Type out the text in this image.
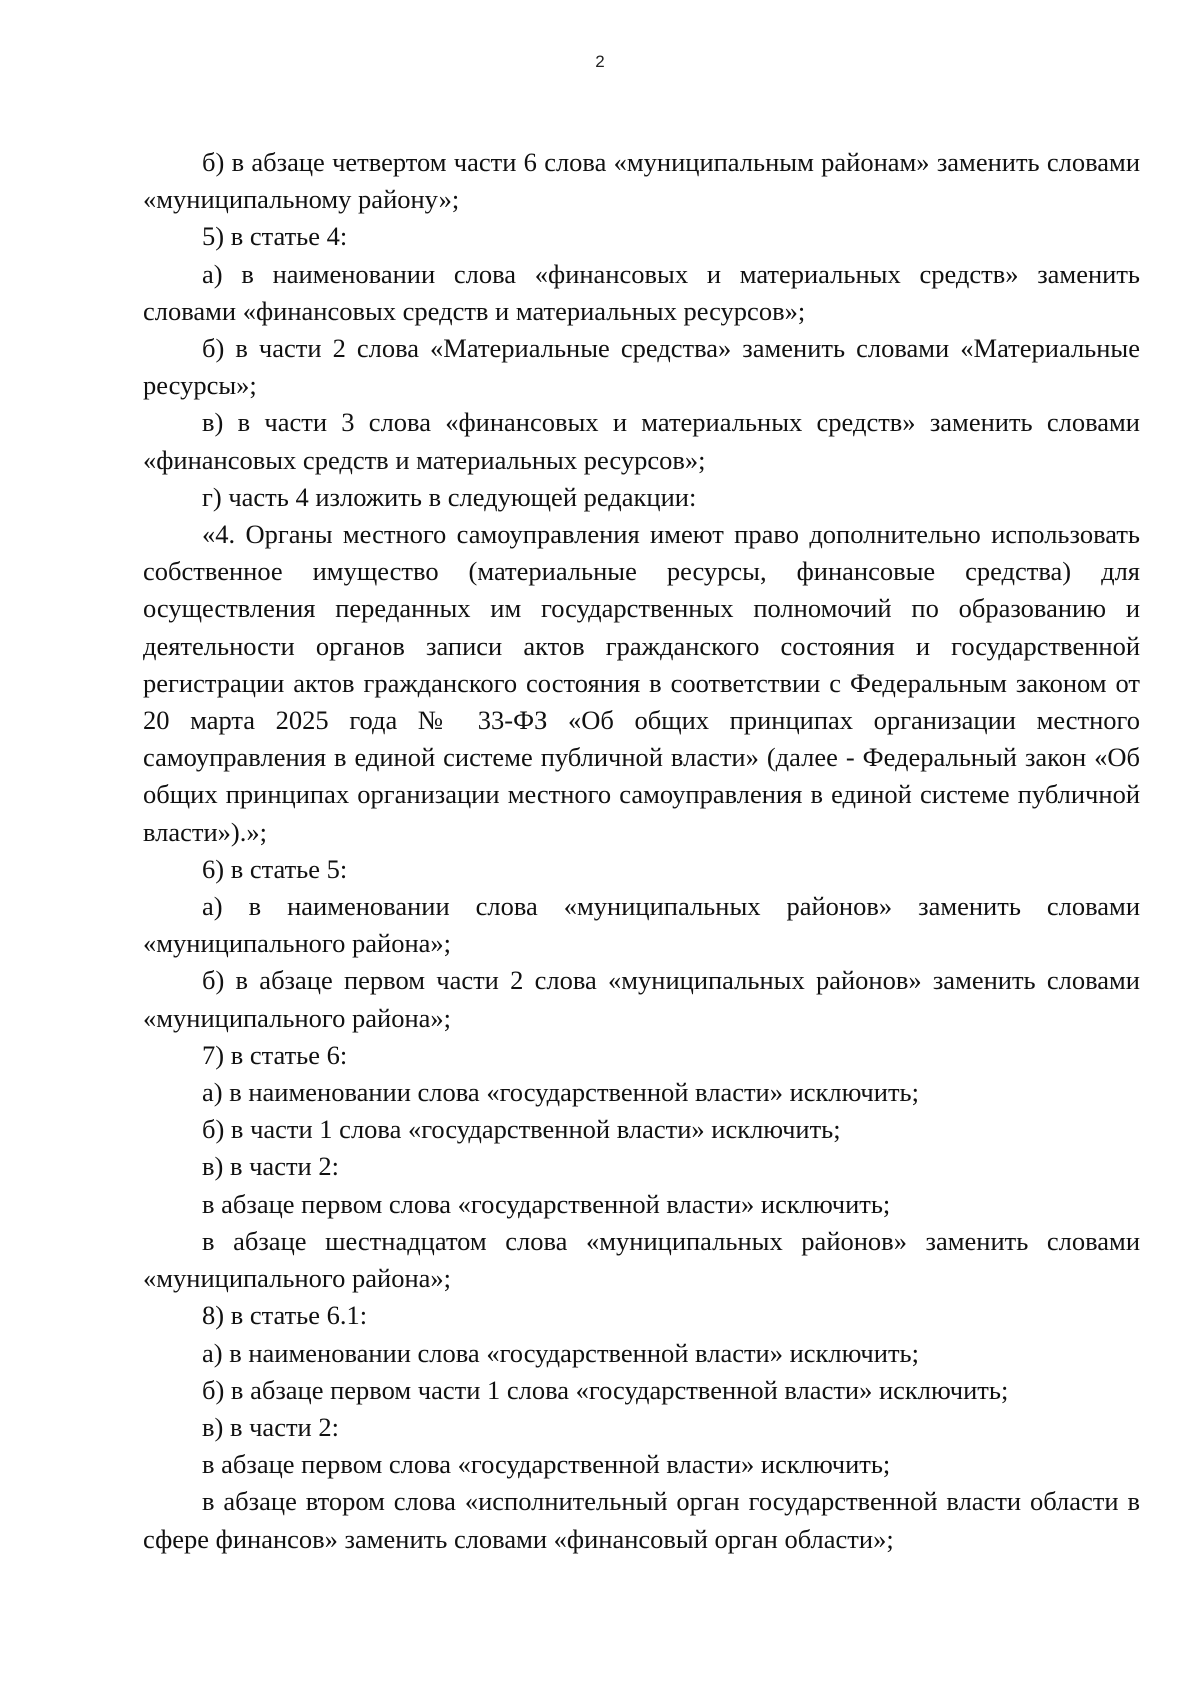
2

б) в абзаце четвертом части 6 слова «муниципальным районам» заменить словами «муниципальному району»;

5) в статье 4:

а) в наименовании слова «финансовых и материальных средств» заменить словами «финансовых средств и материальных ресурсов»;

б) в части 2 слова «Материальные средства» заменить словами «Материальные ресурсы»;

в) в части 3 слова «финансовых и материальных средств» заменить словами «финансовых средств и материальных ресурсов»;

г) часть 4 изложить в следующей редакции:

«4. Органы местного самоуправления имеют право дополнительно использовать собственное имущество (материальные ресурсы, финансовые средства) для осуществления переданных им государственных полномочий по образованию и деятельности органов записи актов гражданского состояния и государственной регистрации актов гражданского состояния в соответствии с Федеральным законом от 20 марта 2025 года № 33-ФЗ «Об общих принципах организации местного самоуправления в единой системе публичной власти» (далее - Федеральный закон «Об общих принципах организации местного самоуправления в единой системе публичной власти»).»;

6) в статье 5:

а) в наименовании слова «муниципальных районов» заменить словами «муниципального района»;

б) в абзаце первом части 2 слова «муниципальных районов» заменить словами «муниципального района»;

7) в статье 6:

а) в наименовании слова «государственной власти» исключить;

б) в части 1 слова «государственной власти» исключить;

в) в части 2:

в абзаце первом слова «государственной власти» исключить;

в абзаце шестнадцатом слова «муниципальных районов» заменить словами «муниципального района»;

8) в статье 6.1:

а) в наименовании слова «государственной власти» исключить;

б) в абзаце первом части 1 слова «государственной власти» исключить;

в) в части 2:

в абзаце первом слова «государственной власти» исключить;

в абзаце втором слова «исполнительный орган государственной власти области в сфере финансов» заменить словами «финансовый орган области»;
